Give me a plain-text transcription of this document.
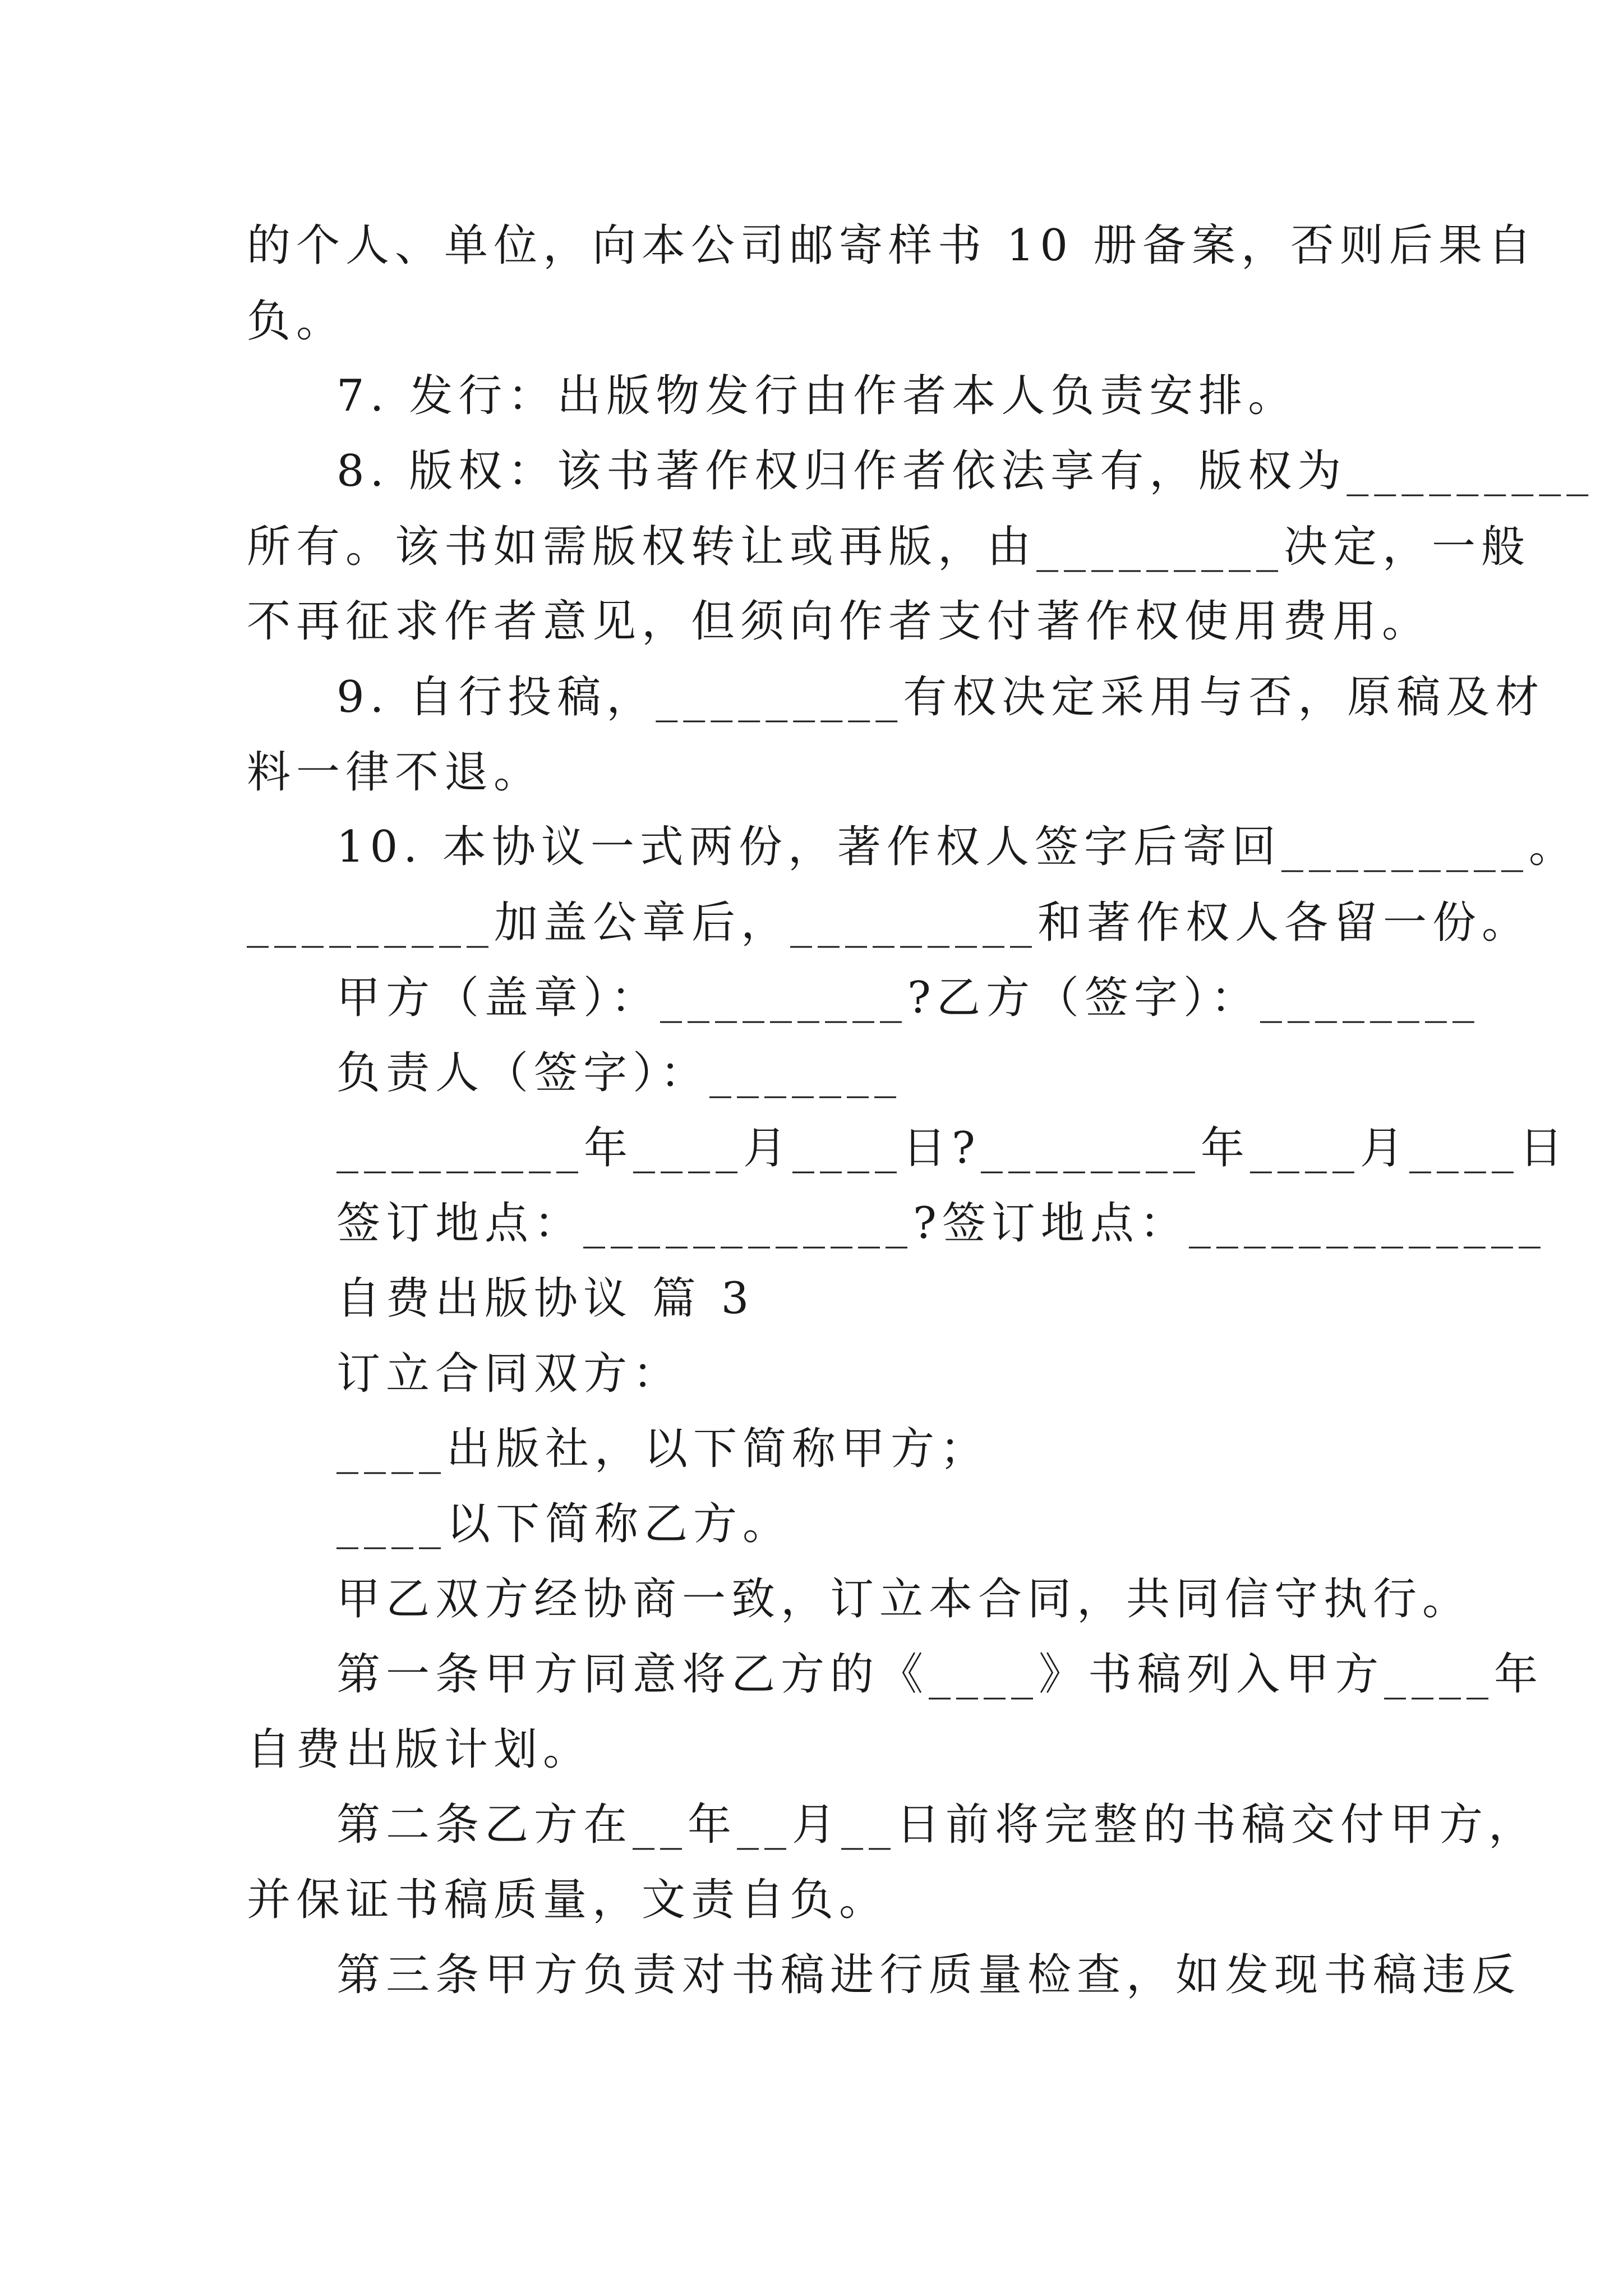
的个人、单位，向本公司邮寄样书 10 册备案，否则后果自
负。
7. 发行：出版物发行由作者本人负责安排。
8. 版权：该书著作权归作者依法享有，版权为_________
所有。该书如需版权转让或再版，由_________决定，一般
不再征求作者意见，但须向作者支付著作权使用费用。
9. 自行投稿，_________有权决定采用与否，原稿及材
料一律不退。
10. 本协议一式两份，著作权人签字后寄回_________。
_________加盖公章后，_________和著作权人各留一份。
甲方（盖章）：_________?乙方（签字）：________
负责人（签字）：_______
_________年____月____日?________年____月____日
签订地点：____________?签订地点：_____________
自费出版协议 篇 3
订立合同双方：
____出版社，以下简称甲方；
____以下简称乙方。
甲乙双方经协商一致，订立本合同，共同信守执行。
第一条甲方同意将乙方的《____》书稿列入甲方____年
自费出版计划。
第二条乙方在__年__月__日前将完整的书稿交付甲方，
并保证书稿质量，文责自负。
第三条甲方负责对书稿进行质量检查，如发现书稿违反
